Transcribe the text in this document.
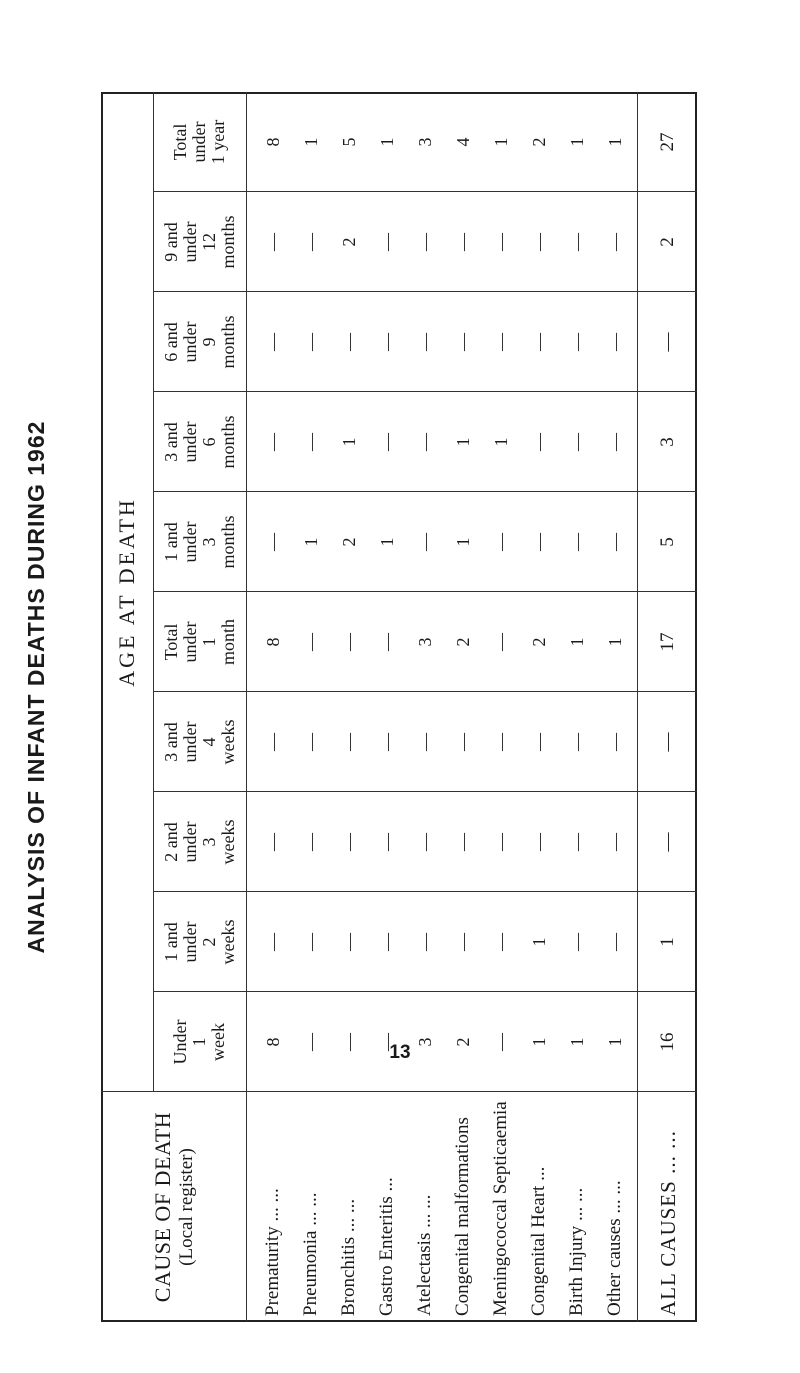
ANALYSIS OF INFANT DEATHS DURING 1962
CAUSE OF DEATH (Local register)
AGE AT DEATH
Under 1 week
1 and under 2 weeks
2 and under 3 weeks
3 and under 4 weeks
Total under 1 month
1 and under 3 months
3 and under 6 months
6 and under 9 months
9 and under 12 months
Total under 1 year
Prematurity ... ...
8
—
—
—
8
—
—
—
—
8
Pneumonia ... ...
—
—
—
—
—
1
—
—
—
1
Bronchitis ... ...
—
—
—
—
—
2
1
—
2
5
Gastro Enteritis ...
—
—
—
—
—
1
—
—
—
1
Atelectasis ... ...
3
—
—
—
3
—
—
—
—
3
Congenital malformations
2
—
—
—
2
1
1
—
—
4
Meningococcal Septicaemia
—
—
—
—
—
—
1
—
—
1
Congenital Heart ...
1
1
—
—
2
—
—
—
—
2
Birth Injury ... ...
1
—
—
—
1
—
—
—
—
1
Other causes ... ...
1
—
—
—
1
—
—
—
—
1
ALL CAUSES ... ...
16
1
—
—
17
5
3
—
2
27
13
